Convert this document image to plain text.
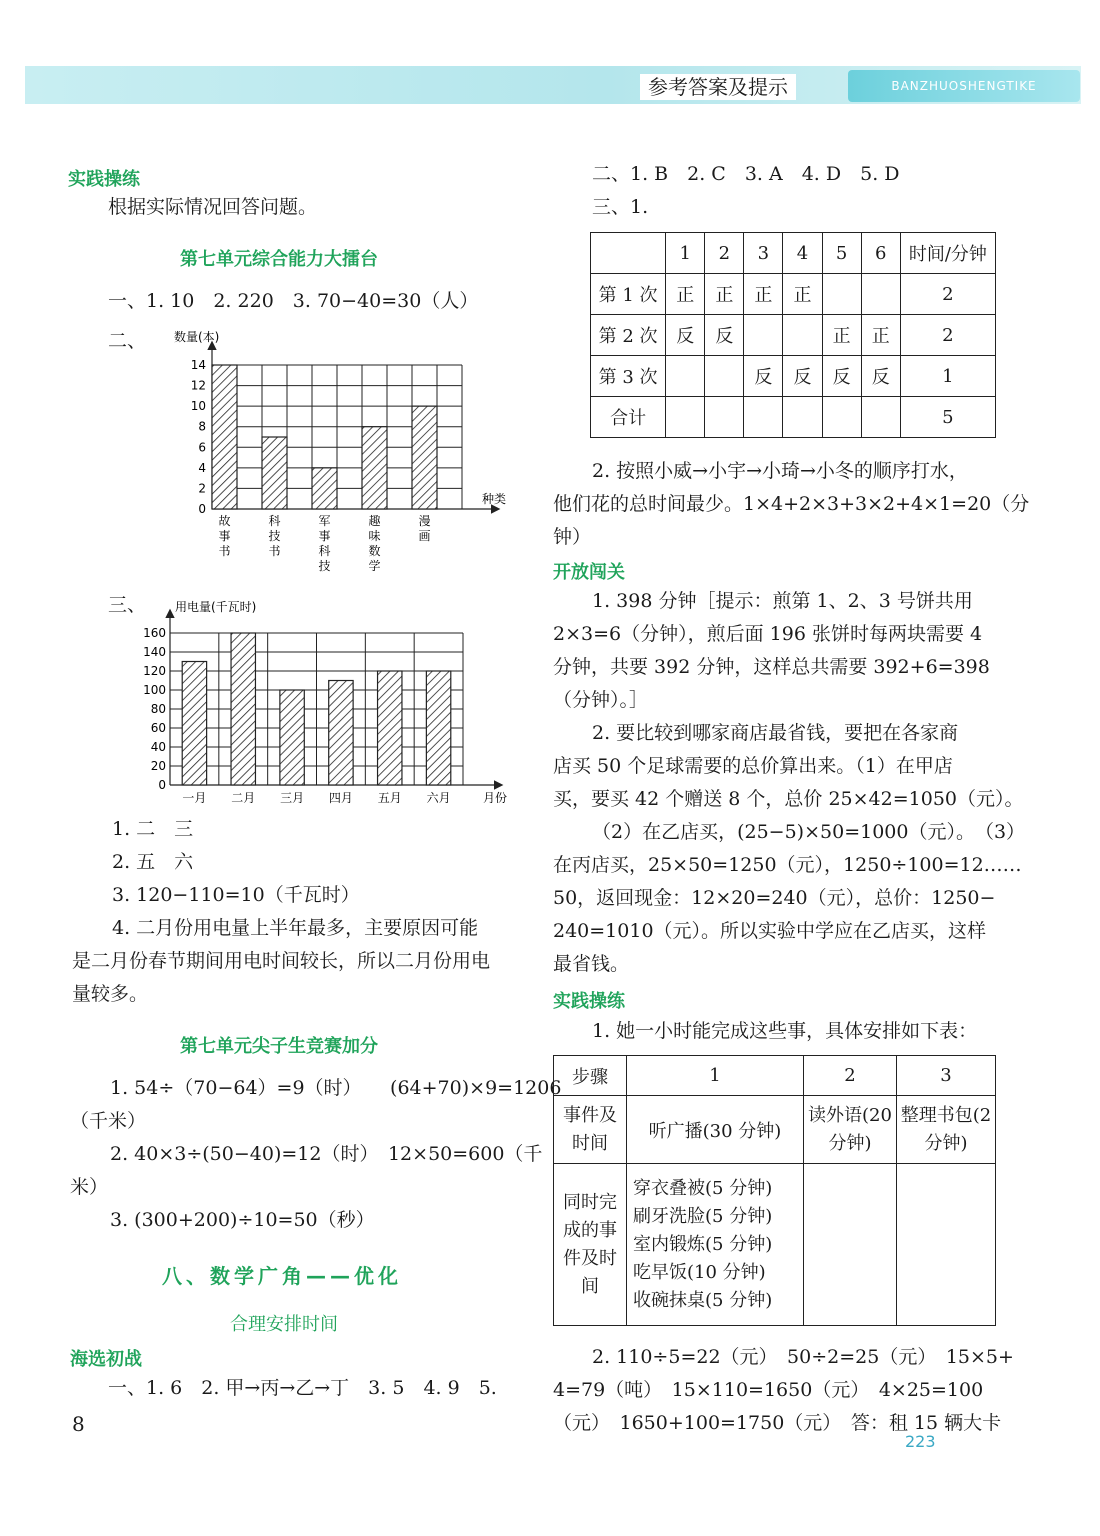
参考答案及提示	BANZHUOSHENGTIKE
实践操练
根据实际情况回答问题。
第七单元综合能力大擂台
一、1. 10　2. 220　3. 70−40=30（人）
二、
0
2
4
6
8
10
12
14
数量(本)
种类
故
事
书
科
技
书
军
事
科
技
趣
味
数
学
漫
画
三、
0
20
40
60
80
100
120
140
160
用电量(千瓦时)
月份
一月 二月 三月 四月 五月 六月
1. 二　三
2. 五　六
3. 120−110=10（千瓦时）
4. 二月份用电量上半年最多，主要原因可能
是二月份春节期间用电时间较长，所以二月份用电
量较多。
第七单元尖子生竞赛加分
1. 54÷（70−64）=9（时）　　(64+70)×9=1206
（千米）
2. 40×3÷(50−40)=12（时）　12×50=600（千
米）
3. (300+200)÷10=50（秒）
八、数学广角——优化
合理安排时间
海选初战
一、1. 6　2. 甲→丙→乙→丁　3. 5　4. 9　5.
8
二、1. B　2. C　3. A　4. D　5. D
三、1.
	1	2	3	4	5	6	时间/分钟
第 1 次	正	正	正	正			2
第 2 次	反	反			正	正	2
第 3 次			反	反	反	反	1
合计							5
2. 按照小威→小宇→小琦→小冬的顺序打水，
他们花的总时间最少。1×4+2×3+3×2+4×1=20（分
钟）
开放闯关
1. 398 分钟［提示：煎第 1、2、3 号饼共用
2×3=6（分钟），煎后面 196 张饼时每两块需要 4
分钟，共要 392 分钟，这样总共需要 392+6=398
（分钟）。］
2. 要比较到哪家商店最省钱，要把在各家商
店买 50 个足球需要的总价算出来。（1）在甲店
买，要买 42 个赠送 8 个，总价 25×42=1050（元）。
（2）在乙店买，(25−5)×50=1000（元）。　（3）
在丙店买，25×50=1250（元），1250÷100=12……
50，返回现金：12×20=240（元），总价：1250−
240=1010（元）。所以实验中学应在乙店买，这样
最省钱。
实践操练
1. 她一小时能完成这些事，具体安排如下表：
步骤	1	2	3
事件及时间	听广播(30 分钟)	读外语(20分钟)	整理书包(2 分钟)
同时完成的事件及时间	穿衣叠被(5 分钟)
刷牙洗脸(5 分钟)
室内锻炼(5 分钟)
吃早饭(10 分钟)
收碗抹桌(5 分钟)		

2. 110÷5=22（元）　50÷2=25（元）　15×5+
4=79（吨）　15×110=1650（元）　4×25=100
（元）　1650+100=1750（元）　答：租 15 辆大卡
223
